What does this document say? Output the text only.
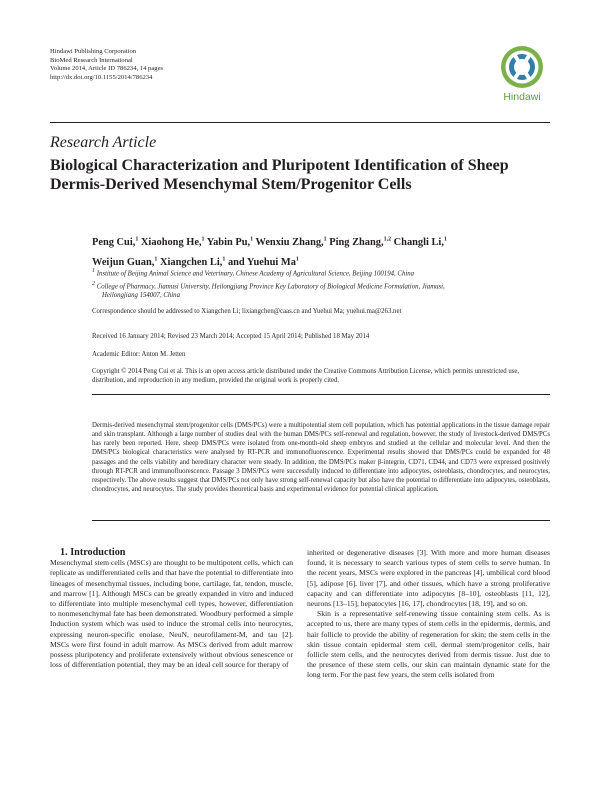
Hindawi Publishing Corporation
BioMed Research International
Volume 2014, Article ID 786234, 14 pages
http://dx.doi.org/10.1155/2014/786234
Hindawi
Research Article
Biological Characterization and Pluripotent Identification of Sheep Dermis-Derived Mesenchymal Stem/Progenitor Cells
Peng Cui,$^1$ Xiaohong He,$^1$ Yabin Pu,$^1$ Wenxiu Zhang,$^1$ Ping Zhang,$^{1,2}$ Changli Li,$^1$
Weijun Guan,$^1$ Xiangchen Li,$^1$ and Yuehui Ma$^1$

$^1$ Institute of Beijing Animal Science and Veterinary, Chinese Academy of Agricultural Science, Beijing 100194, China

$^2$ College of Pharmacy, Jiamusi University, Heilongjiang Province Key Laboratory of Biological Medicine Formulation, Jiamusi,
Heilongjiang 154007, China

Correspondence should be addressed to Xiangchen Li; lixiangchen@caas.cn and Yuehui Ma; yuehui.ma@263.net
Received 16 January 2014; Revised 23 March 2014; Accepted 15 April 2014; Published 18 May 2014
Academic Editor: Anton M. Jetten
Copyright © 2014 Peng Cui et al. This is an open access article distributed under the Creative Commons Attribution License, which permits unrestricted use, distribution, and reproduction in any medium, provided the original work is properly cited.
Dermis-derived mesenchymal stem/progenitor cells (DMS/PCs) were a multipotential stem cell population, which has potential applications in the tissue damage repair and skin transplant. Although a large number of studies deal with the human DMS/PCs self-renewal and regulation, however, the study of livestock-derived DMS/PCs has rarely been reported. Here, sheep DMS/PCs were isolated from one-month-old sheep embryos and studied at the cellular and molecular level. And then the DMS/PCs biological characteristics were analysed by RT-PCR and immunofluorescence. Experimental results showed that DMS/PCs could be expanded for 48 passages and the cells viability and hereditary character were steady. In addition, the DMS/PCs maker β-integrin, CD71, CD44, and CD73 were expressed positively through RT-PCR and immunofluorescence. Passage 3 DMS/PCs were successfully induced to differentiate into adipocytes, osteoblasts, chondrocytes, and neurocytes, respectively. The above results suggest that DMS/PCs not only have strong self-renewal capacity but also have the potential to differentiate into adipocytes, osteoblasts, chondrocytes, and neurocytes. The study provides theoretical basis and experimental evidence for potential clinical application.

1. Introduction

Mesenchymal stem cells (MSCs) are thought to be multipotent cells, which can replicate as undifferentiated cells and that have the potential to differentiate into lineages of mesenchymal tissues, including bone, cartilage, fat, tendon, muscle, and marrow [1]. Although MSCs can be greatly expanded in vitro and induced to differentiate into multiple mesenchymal cell types, however, differentiation to nonmesenchymal fate has been demonstrated. Woodbury performed a simple Induction system which was used to induce the stromal cells into neurocytes, expressing neuron-specific enolase, NeuN, neurofilament-M, and tau [2]. MSCs were first found in adult marrow. As MSCs derived from adult marrow possess pluripotency and proliferate extensively without obvious senescence or loss of differentiation potential, they may be an ideal cell source for therapy of

inherited or degenerative diseases [3]. With more and more human diseases found, it is necessary to search various types of stem cells to serve human. In the recent years, MSCs were explored in the pancreas [4], umbilical cord blood [5], adipose [6], liver [7], and other tissues, which have a strong proliferative capacity and can differentiate into adipocytes [8–10], osteoblasts [11, 12], neurons [13–15], hepatocytes [16, 17], chondrocytes [18, 19], and so on.

Skin is a representative self-renewing tissue containing stem cells. As is accepted to us, there are many types of stem cells in the epidermis, dermis, and hair follicle to provide the ability of regeneration for skin; the stem cells in the skin tissue contain epidermal stem cell, dermal stem/progenitor cells, hair follicle stem cells, and the neurocytes derived from dermis tissue. Just due to the presence of these stem cells, our skin can maintain dynamic state for the long term. For the past few years, the stem cells isolated from
